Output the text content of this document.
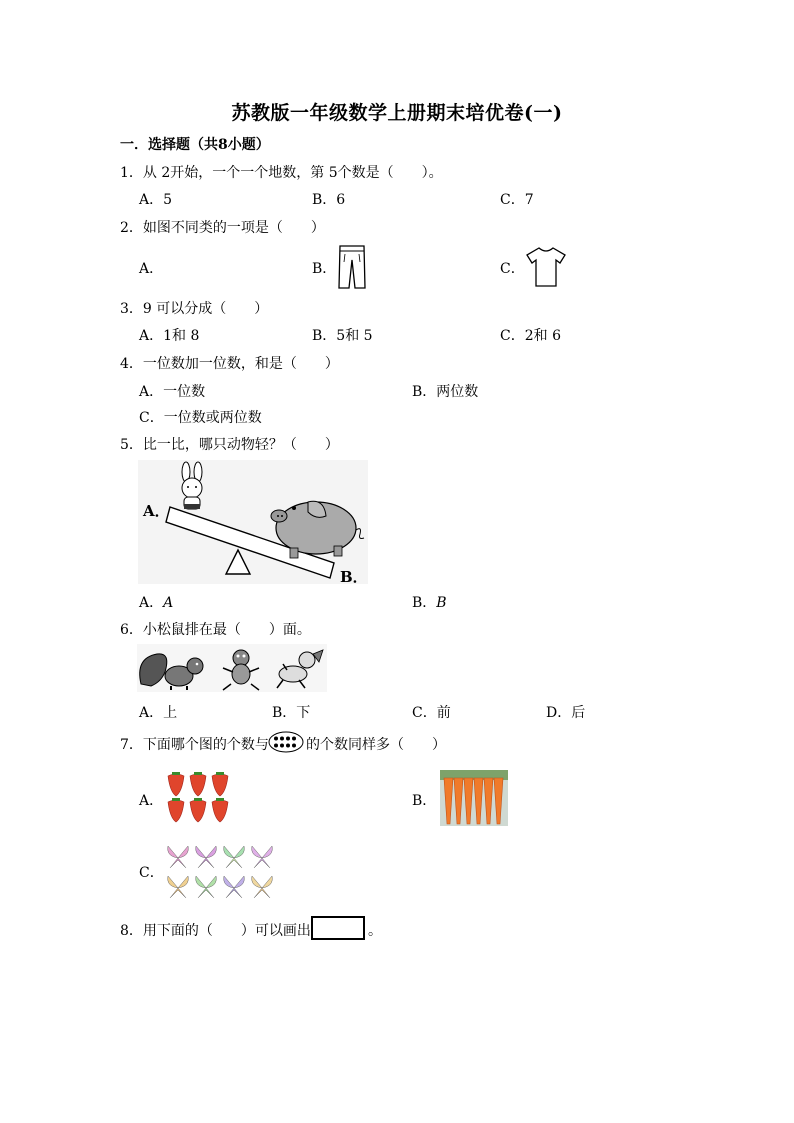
苏教版一年级数学上册期末培优卷(一)
一．选择题（共8小题）
1．从 2开始，一个一个地数，第 5个数是（　　）。
A．5	B．6	C．7
2．如图不同类的一项是（　　）
A．	B．	C．
3．9 可以分成（　　）
A．1和 8	B．5和 5	C．2和 6
4．一位数加一位数，和是（　　）
A．一位数	B．两位数
C．一位数或两位数
5．比一比，哪只动物轻？（　　）
A．
B．
A．A	B．B
6．小松鼠排在最（　　）面。
A．上	B．下	C．前	D．后
7．下面哪个图的个数与	的个数同样多（　　）
A．	B．
C．
8．用下面的（　　）可以画出	。
